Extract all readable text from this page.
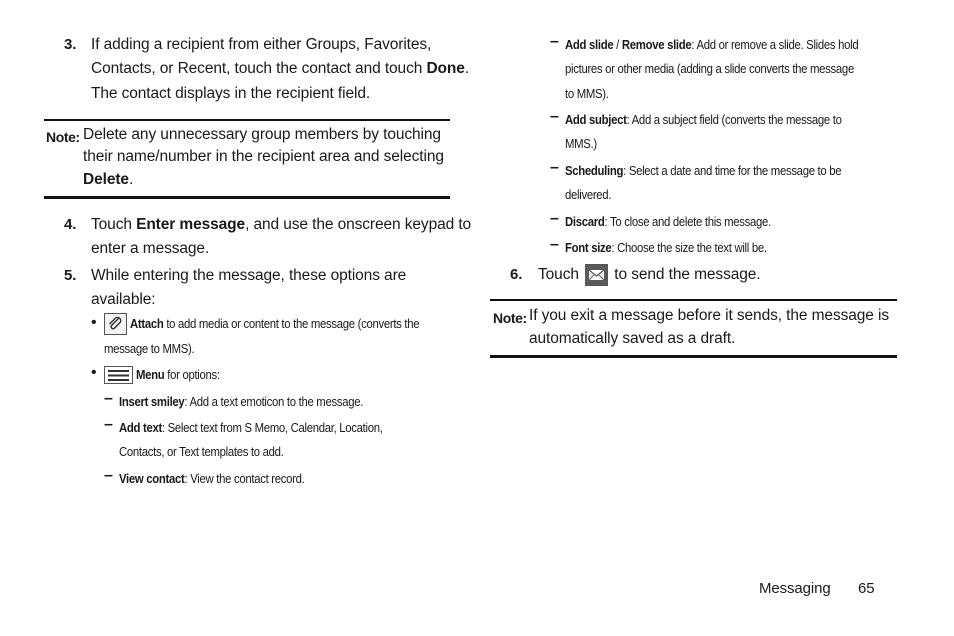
3. If adding a recipient from either Groups, Favorites,
Contacts, or Recent, touch the contact and touch Done.
The contact displays in the recipient field.
Note: Delete any unnecessary group members by touching
their name/number in the recipient area and selecting
Delete.
4. Touch Enter message, and use the onscreen keypad to
enter a message.
5. While entering the message, these options are
available:
•	Attach to add media or content to the message (converts the
message to MMS).
•	Menu for options:
– Insert smiley: Add a text emoticon to the message.
– Add text: Select text from S Memo, Calendar, Location,
Contacts, or Text templates to add.
– View contact: View the contact record.
– Add slide / Remove slide: Add or remove a slide. Slides hold
pictures or other media (adding a slide converts the message
to MMS).
– Add subject: Add a subject field (converts the message to
MMS.)
– Scheduling: Select a date and time for the message to be
delivered.
– Discard: To close and delete this message.
– Font size: Choose the size the text will be.
6. Touch  to send the message.
Note: If you exit a message before it sends, the message is
automatically saved as a draft.
Messaging 65
